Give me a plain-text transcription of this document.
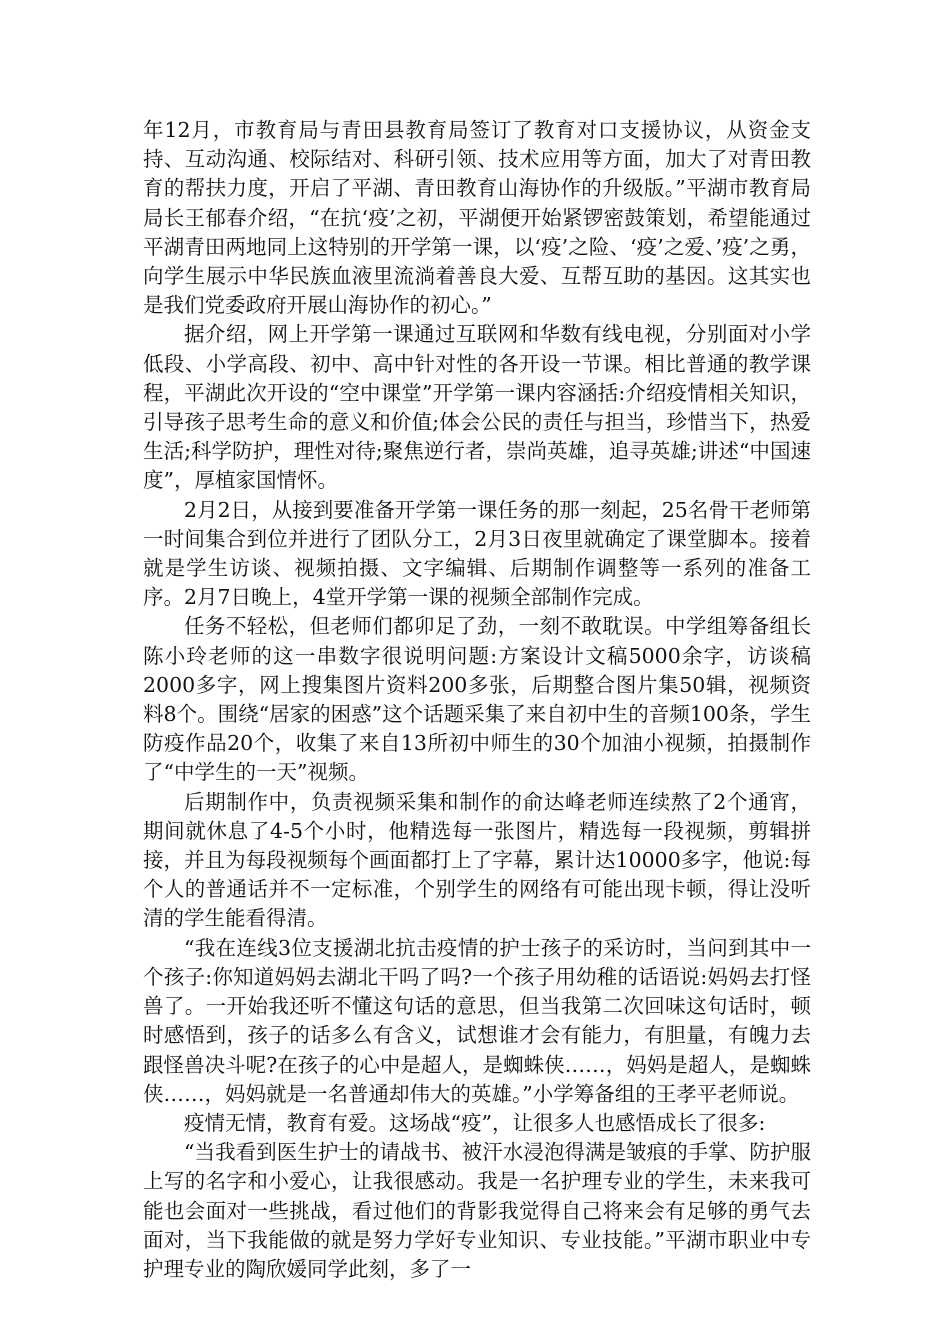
年12月，市教育局与青田县教育局签订了教育对口支援协议，从资金支持、互动沟通、校际结对、科研引领、技术应用等方面，加大了对青田教育的帮扶力度，开启了平湖、青田教育山海协作的升级版。”平湖市教育局局长王郁春介绍，“在抗‘疫’之初，平湖便开始紧锣密鼓策划，希望能通过平湖青田两地同上这特别的开学第一课，以‘疫’之险、‘疫’之爱、’疫’之勇，向学生展示中华民族血液里流淌着善良大爱、互帮互助的基因。这其实也是我们党委政府开展山海协作的初心。”

据介绍，网上开学第一课通过互联网和华数有线电视，分别面对小学低段、小学高段、初中、高中针对性的各开设一节课。相比普通的教学课程，平湖此次开设的“空中课堂”开学第一课内容涵括:介绍疫情相关知识，引导孩子思考生命的意义和价值;体会公民的责任与担当，珍惜当下，热爱生活;科学防护，理性对待;聚焦逆行者，崇尚英雄，追寻英雄;讲述“中国速度”，厚植家国情怀。

2月2日，从接到要准备开学第一课任务的那一刻起，25名骨干老师第一时间集合到位并进行了团队分工，2月3日夜里就确定了课堂脚本。接着就是学生访谈、视频拍摄、文字编辑、后期制作调整等一系列的准备工序。2月7日晚上，4堂开学第一课的视频全部制作完成。

任务不轻松，但老师们都卯足了劲，一刻不敢耽误。中学组筹备组长陈小玲老师的这一串数字很说明问题:方案设计文稿5000余字，访谈稿2000多字，网上搜集图片资料200多张，后期整合图片集50辑，视频资料8个。围绕“居家的困惑”这个话题采集了来自初中生的音频100条，学生防疫作品20个，收集了来自13所初中师生的30个加油小视频，拍摄制作了“中学生的一天”视频。

后期制作中，负责视频采集和制作的俞达峰老师连续熬了2个通宵，期间就休息了4-5个小时，他精选每一张图片，精选每一段视频，剪辑拼接，并且为每段视频每个画面都打上了字幕，累计达10000多字，他说:每个人的普通话并不一定标准，个别学生的网络有可能出现卡顿，得让没听清的学生能看得清。

“我在连线3位支援湖北抗击疫情的护士孩子的采访时，当问到其中一个孩子:你知道妈妈去湖北干吗了吗?一个孩子用幼稚的话语说:妈妈去打怪兽了。一开始我还听不懂这句话的意思，但当我第二次回味这句话时，顿时感悟到，孩子的话多么有含义，试想谁才会有能力，有胆量，有魄力去跟怪兽决斗呢?在孩子的心中是超人，是蜘蛛侠……，妈妈是超人，是蜘蛛侠……，妈妈就是一名普通却伟大的英雄。”小学筹备组的王孝平老师说。

疫情无情，教育有爱。这场战“疫”，让很多人也感悟成长了很多:

“当我看到医生护士的请战书、被汗水浸泡得满是皱痕的手掌、防护服上写的名字和小爱心，让我很感动。我是一名护理专业的学生，未来我可能也会面对一些挑战，看过他们的背影我觉得自己将来会有足够的勇气去面对，当下我能做的就是努力学好专业知识、专业技能。”平湖市职业中专护理专业的陶欣媛同学此刻，多了一
